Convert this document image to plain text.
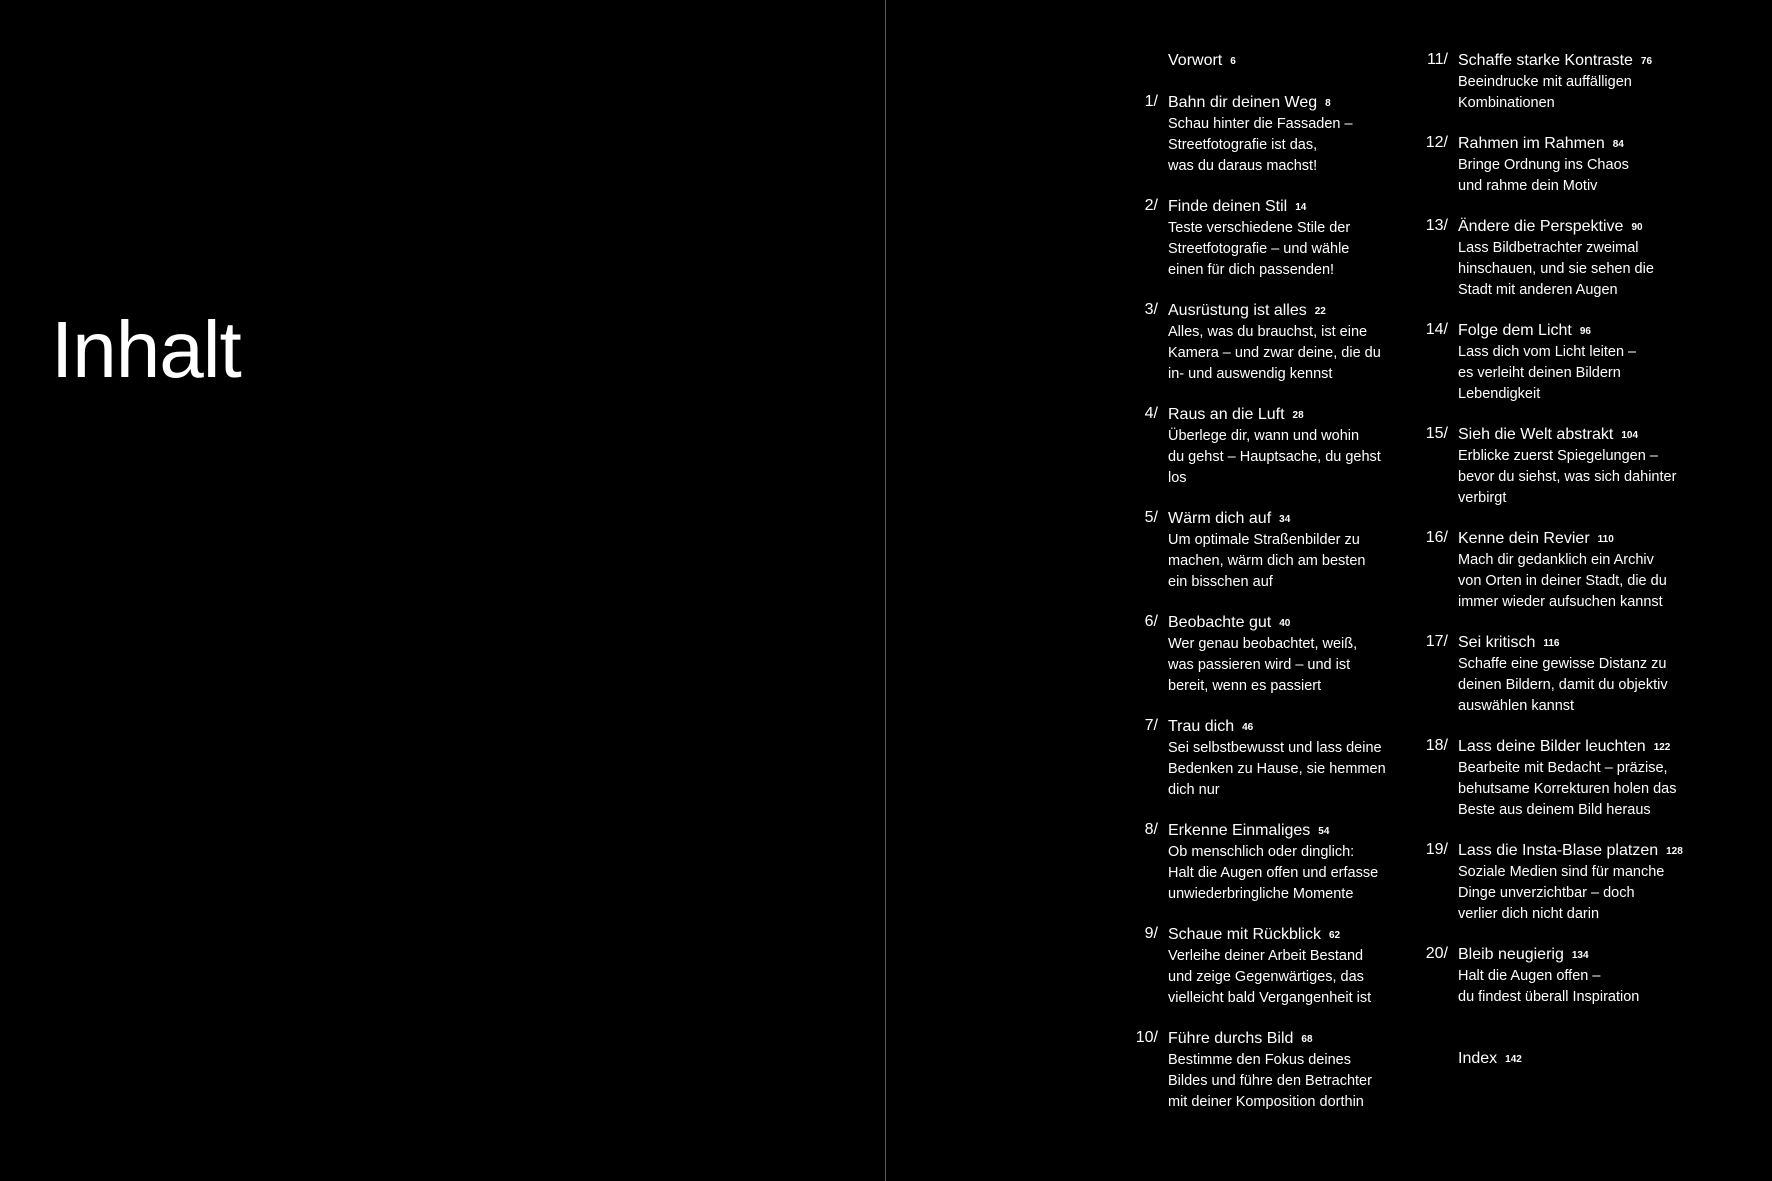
Inhalt
Vorwort 6
1/ Bahn dir deinen Weg 8
Schau hinter die Fassaden –
Streetfotografie ist das,
was du daraus machst!
2/ Finde deinen Stil 14
Teste verschiedene Stile der
Streetfotografie – und wähle
einen für dich passenden!
3/ Ausrüstung ist alles 22
Alles, was du brauchst, ist eine
Kamera – und zwar deine, die du
in- und auswendig kennst
4/ Raus an die Luft 28
Überlege dir, wann und wohin
du gehst – Hauptsache, du gehst
los
5/ Wärm dich auf 34
Um optimale Straßenbilder zu
machen, wärm dich am besten
ein bisschen auf
6/ Beobachte gut 40
Wer genau beobachtet, weiß,
was passieren wird – und ist
bereit, wenn es passiert
7/ Trau dich 46
Sei selbstbewusst und lass deine
Bedenken zu Hause, sie hemmen
dich nur
8/ Erkenne Einmaliges 54
Ob menschlich oder dinglich:
Halt die Augen offen und erfasse
unwiederbringliche Momente
9/ Schaue mit Rückblick 62
Verleihe deiner Arbeit Bestand
und zeige Gegenwärtiges, das
vielleicht bald Vergangenheit ist
10/ Führe durchs Bild 68
Bestimme den Fokus deines
Bildes und führe den Betrachter
mit deiner Komposition dorthin
11/ Schaffe starke Kontraste 76
Beeindrucke mit auffälligen
Kombinationen
12/ Rahmen im Rahmen 84
Bringe Ordnung ins Chaos
und rahme dein Motiv
13/ Ändere die Perspektive 90
Lass Bildbetrachter zweimal
hinschauen, und sie sehen die
Stadt mit anderen Augen
14/ Folge dem Licht 96
Lass dich vom Licht leiten –
es verleiht deinen Bildern
Lebendigkeit
15/ Sieh die Welt abstrakt 104
Erblicke zuerst Spiegelungen –
bevor du siehst, was sich dahinter
verbirgt
16/ Kenne dein Revier 110
Mach dir gedanklich ein Archiv
von Orten in deiner Stadt, die du
immer wieder aufsuchen kannst
17/ Sei kritisch 116
Schaffe eine gewisse Distanz zu
deinen Bildern, damit du objektiv
auswählen kannst
18/ Lass deine Bilder leuchten 122
Bearbeite mit Bedacht – präzise,
behutsame Korrekturen holen das
Beste aus deinem Bild heraus
19/ Lass die Insta-Blase platzen 128
Soziale Medien sind für manche
Dinge unverzichtbar – doch
verlier dich nicht darin
20/ Bleib neugierig 134
Halt die Augen offen –
du findest überall Inspiration
Index 142
